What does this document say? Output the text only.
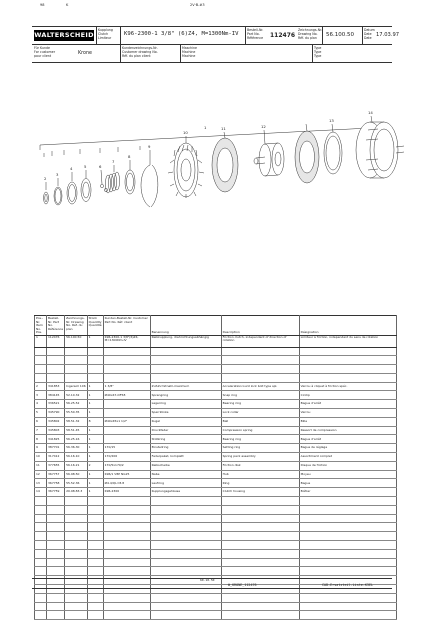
98	K	2V·B-#3
WALTERSCHEID
Kupplung
Clutch
Limiteur
K96-2300-1 3/8" (6)Z4, M=1300Nm-IV
Bestell-Nr.
Part No.
Référence 112476
Zeichnungs-Nr.
Drawing No.
Réf. du plan 56.100.50
Datum
Date
Date 17.03.97
Für Kunde
For customer
pour client	Krone
Kundenzeichnungs-Nr.
Customer drawing No.
Réf. du plan client
Maschine
Machine
Machine
Type
Type
Type
1
2
3
4	5	6
7
8
9
10
11	12
13
14
Pos.-Nr. Item No. Pos.	Bestell-Nr. Part No. Référence	Zeichnungs-Nr. Drawing No. Réf. du plan	Stück Quantity Quantité	Kunden-Bestell-Nr. Customer Part No. Réf. client	Benennung	Description	Désignation
1	112476	56.100.50	1	K96-2300-1 3/8"(6)Z4, M=1300Nm-IV	Reibkupplung, drehrichtungsabhängig	Friction clutch, independent of direction of rotation	Limiteur à friction, indépendant du sens de rotation

2	341853	Ingersoll 106	1	1 3/8"	Zufuhrmitnahl-maximum	Accelerationcount lock bolt type spl.	Verrou à cliquet à friction spéc.
3	384145	52.10.32	1	Ø40x47-DF58	Sprengring	Snap ring	Circlip
4	336521	56.25.52	1		Lagerring	Bearing ring	Bague d'arrêt
5	345790	55.50.35	1		Sperrklinke	Lock collar	Verrou
6	345802	58.51.32	8	Ø40x45x1 1/2"	Kugel	Ball	Bille
7	345803	58.51.45	1		Druckfeder	Compression spring	Ressort de compression
8	341825	56.25.16	1		Stützring	Bearing ring	Bague d'arrêt
9	387701	56.36.30	1	170/15	Einstellring	Setting ring	Bague de réglage
10	317412	56.16.10	1	170/206	Federpaket, komplett	Spring pack assembly	Assortiment complet
11	377655	56.16.21	2	170/5x170/2	Reibscheibe	Friction disk	Disque de friction
12	367757	56.98.50	1	K96/1 V8P NG25	Nabe	Hub	Moyeu
13	367758	55.52.36	1	Ø4.4/QL=8.8	Laufring	Ring	Bague
14	367759	20.98.83.3	1	K96-2300	Kupplungsgehäuse	Clutch housing	Boîtier

60.10.50
W_KRONE_112476	CAD-Ersatzteil-Liste-K3EL
